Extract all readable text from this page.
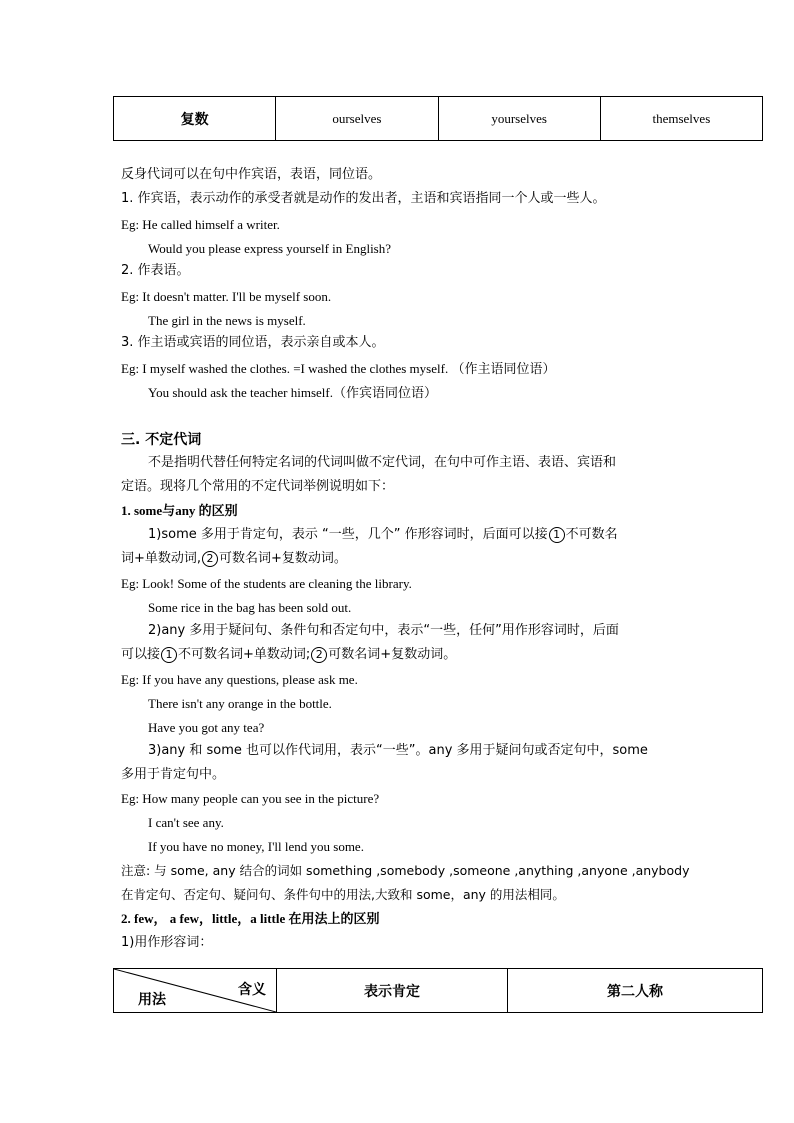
复数	ourselves	yourselves	themselves
反身代词可以在句中作宾语，表语，同位语。
1. 作宾语，表示动作的承受者就是动作的发出者，主语和宾语指同一个人或一些人。
Eg: He called himself a writer.
Would you please express yourself in English?
2. 作表语。
Eg: It doesn't matter. I'll be myself soon.
The girl in the news is myself.
3. 作主语或宾语的同位语，表示亲自或本人。
Eg: I myself washed the clothes. =I washed the clothes myself. （作主语同位语）
You should ask the teacher himself.（作宾语同位语）
三. 不定代词
不是指明代替任何特定名词的代词叫做不定代词，在句中可作主语、表语、宾语和
定语。现将几个常用的不定代词举例说明如下：
1. some与any 的区别
1)some 多用于肯定句，表示 “一些，几个” 作形容词时，后面可以接 1 不可数名
词+单数动词, 2 可数名词+复数动词。
Eg: Look! Some of the students are cleaning the library.
Some rice in the bag has been sold out.
2)any 多用于疑问句、条件句和否定句中，表示“一些，任何”用作形容词时，后面
可以接 1 不可数名词+单数动词; 2 可数名词+复数动词。
Eg: If you have any questions, please ask me.
There isn't any orange in the bottle.
Have you got any tea?
3)any 和 some 也可以作代词用，表示“一些”。any 多用于疑问句或否定句中，some
多用于肯定句中。
Eg: How many people can you see in the picture?
I can't see any.
If you have no money, I'll lend you some.
注意: 与 some, any 结合的词如 something ,somebody ,someone ,anything ,anyone ,anybody
在肯定句、否定句、疑问句、条件句中的用法,大致和 some，any 的用法相同。
2. few， a few，little，a little 在用法上的区别
1)用作形容词：
含义
用法
	表示肯定	第二人称
